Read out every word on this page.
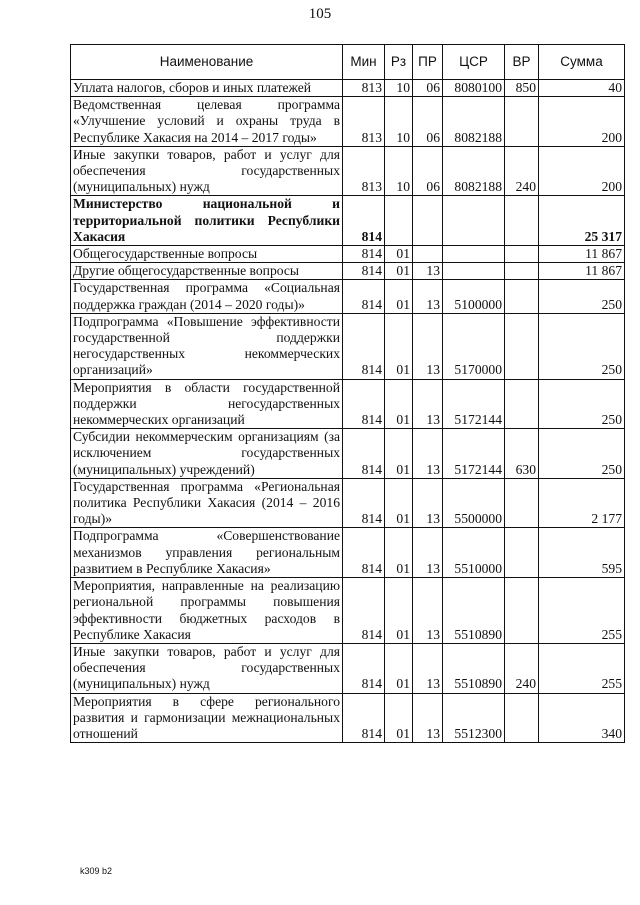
105
Наименование	Мин	Рз	ПР	ЦСР	ВР	Сумма
Уплата налогов, сборов и иных платежей	813	10	06	8080100	850	40
Ведомственная целевая программа «Улучшение условий и охраны труда в Республике Хакасия на 2014 – 2017 годы»	813	10	06	8082188		200
Иные закупки товаров, работ и услуг для обеспечения государственных (муниципальных) нужд	813	10	06	8082188	240	200
Министерство национальной и территориальной политики Республики Хакасия	814					25 317
Общегосударственные вопросы	814	01				11 867
Другие общегосударственные вопросы	814	01	13			11 867
Государственная программа «Социальная поддержка граждан (2014 – 2020 годы)»	814	01	13	5100000		250
Подпрограмма «Повышение эффективности государственной поддержки негосударственных некоммерческих организаций»	814	01	13	5170000		250
Мероприятия в области государственной поддержки негосударственных некоммерческих организаций	814	01	13	5172144		250
Субсидии некоммерческим организациям (за исключением государственных (муниципальных) учреждений)	814	01	13	5172144	630	250
Государственная программа «Региональная политика Республики Хакасия (2014 – 2016 годы)»	814	01	13	5500000		2 177
Подпрограмма «Совершенствование механизмов управления региональным развитием в Республике Хакасия»	814	01	13	5510000		595
Мероприятия, направленные на реализацию региональной программы повышения эффективности бюджетных расходов в Республике Хакасия	814	01	13	5510890		255
Иные закупки товаров, работ и услуг для обеспечения государственных (муниципальных) нужд	814	01	13	5510890	240	255
Мероприятия в сфере регионального развития и гармонизации межнациональных отношений	814	01	13	5512300		340
k309 b2
